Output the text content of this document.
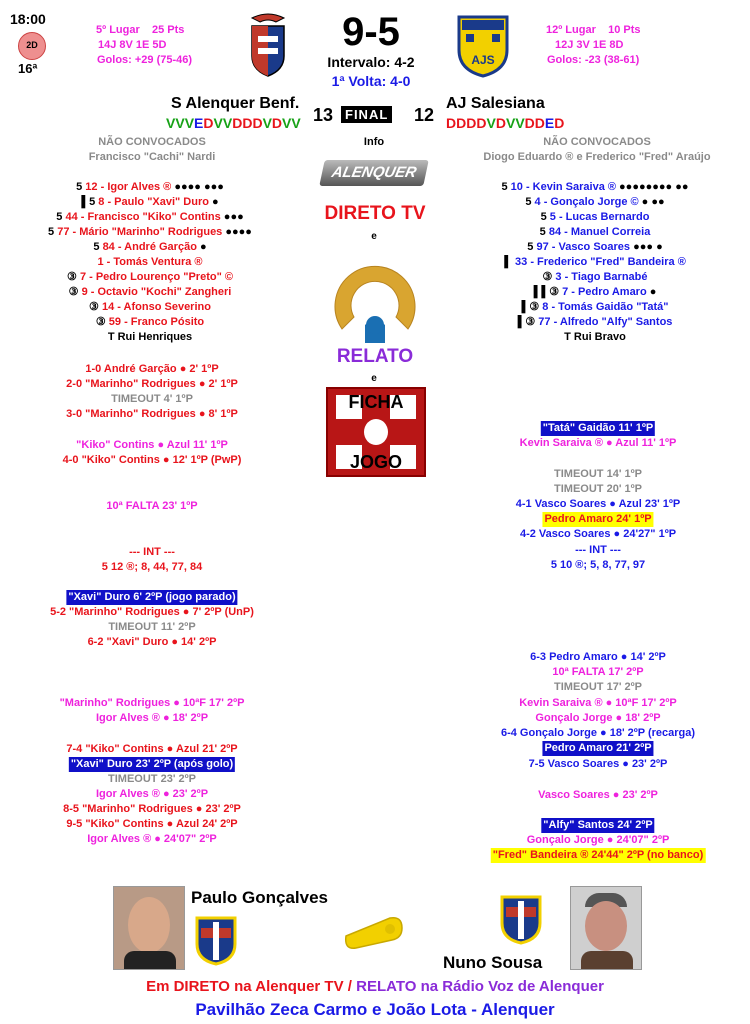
18:00
2D
16ª
5º Lugar 25 Pts
14J 8V 1E 5D
Golos: +29 (75-46)
9-5
Intervalo: 4-2
1ª Volta: 4-0
AJS
12º Lugar 10 Pts
12J 3V 1E 8D
Golos: -23 (38-61)
S Alenquer Benf.	AJ Salesiana
VVVEDVVDDDVDVV 13 FINAL 12 DDDDVDVVDDED
NÃO CONVOCADOS
Francisco "Cachi" Nardi
Info	NÃO CONVOCADOS
Diogo Eduardo ® e Frederico "Fred" Araújo
5 12 - Igor Alves ® ●●●● ●●●
▌5 8 - Paulo "Xavi" Duro ●
5 44 - Francisco "Kiko" Contins ●●●
5 77 - Mário "Marinho" Rodrigues ●●●●
5 84 - André Garção ●
1 - Tomás Ventura ®
③ 7 - Pedro Lourenço "Preto" ©
③ 9 - Octavio "Kochi" Zangheri
③ 14 - Afonso Severino
③ 59 - Franco Pósito
T Rui Henriques
5 10 - Kevin Saraiva ® ●●●●●●●● ●●
5 4 - Gonçalo Jorge © ● ●●
5 5 - Lucas Bernardo
5 84 - Manuel Correia
5 97 - Vasco Soares ●●● ●
▌ 33 - Frederico "Fred" Bandeira ®
③ 3 - Tiago Barnabé
▌▌③ 7 - Pedro Amaro ●
▌③ 8 - Tomás Gaidão "Tatá"
▌③ 77 - Alfredo "Alfy" Santos
T Rui Bravo
ALENQUER TV
DIRETO TV
e
RELATO
e
FICHA
JOGO
1-0 André Garção ● 2' 1ºP
2-0 "Marinho" Rodrigues ● 2' 1ºP
TIMEOUT 4' 1ºP
3-0 "Marinho" Rodrigues ● 8' 1ºP
"Kiko" Contins ● Azul 11' 1ºP
4-0 "Kiko" Contins ● 12' 1ºP (PwP)
10ª FALTA 23' 1ºP
--- INT ---
5 12 ®; 8, 44, 77, 84
"Xavi" Duro 6' 2ºP (jogo parado)
5-2 "Marinho" Rodrigues ● 7' 2ºP (UnP)
TIMEOUT 11' 2ºP
6-2 "Xavi" Duro ● 14' 2ºP
"Marinho" Rodrigues ● 10ªF 17' 2ºP
Igor Alves ® ● 18' 2ºP
7-4 "Kiko" Contins ● Azul 21' 2ºP
"Xavi" Duro 23' 2ºP (após golo)
TIMEOUT 23' 2ºP
Igor Alves ® ● 23' 2ºP
8-5 "Marinho" Rodrigues ● 23' 2ºP
9-5 "Kiko" Contins ● Azul 24' 2ºP
Igor Alves ® ● 24'07" 2ºP
"Tatá" Gaidão 11' 1ºP
Kevin Saraiva ® ● Azul 11' 1ºP
TIMEOUT 14' 1ºP
TIMEOUT 20' 1ºP
4-1 Vasco Soares ● Azul 23' 1ºP
Pedro Amaro 24' 1ºP
4-2 Vasco Soares ● 24'27" 1ºP
--- INT ---
5 10 ®; 5, 8, 77, 97
6-3 Pedro Amaro ● 14' 2ºP
10ª FALTA 17' 2ºP
TIMEOUT 17' 2ºP
Kevin Saraiva ® ● 10ªF 17' 2ºP
Gonçalo Jorge ● 18' 2ºP
6-4 Gonçalo Jorge ● 18' 2ºP (recarga)
Pedro Amaro 21' 2ºP
7-5 Vasco Soares ● 23' 2ºP
Vasco Soares ● 23' 2ºP
"Alfy" Santos 24' 2ºP
Gonçalo Jorge ● 24'07" 2ºP
"Fred" Bandeira ® 24'44" 2ºP (no banco)
Paulo Gonçalves
Nuno Sousa
Em DIRETO na Alenquer TV / RELATO na Rádio Voz de Alenquer
Pavilhão Zeca Carmo e João Lota - Alenquer
